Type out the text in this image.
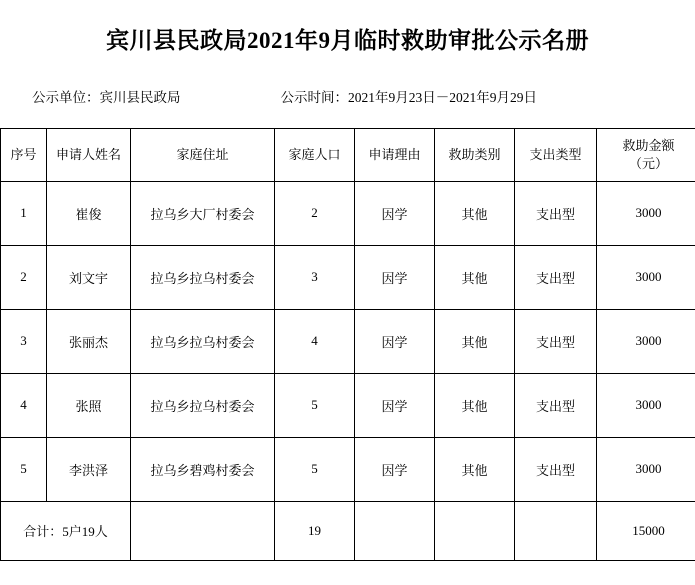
宾川县民政局2021年9月临时救助审批公示名册
公示单位：宾川县民政局	公示时间：2021年9月23日－2021年9月29日
序号	申请人姓名	家庭住址	家庭人口	申请理由	救助类别	支出类型	救助金额
（元）

1	崔俊	拉乌乡大厂村委会	2	因学	其他	支出型	3000
2	刘文宇	拉乌乡拉乌村委会	3	因学	其他	支出型	3000
3	张丽杰	拉乌乡拉乌村委会	4	因学	其他	支出型	3000
4	张照	拉乌乡拉乌村委会	5	因学	其他	支出型	3000
5	李洪泽	拉乌乡碧鸡村委会	5	因学	其他	支出型	3000
合计：5户19人			19				15000
